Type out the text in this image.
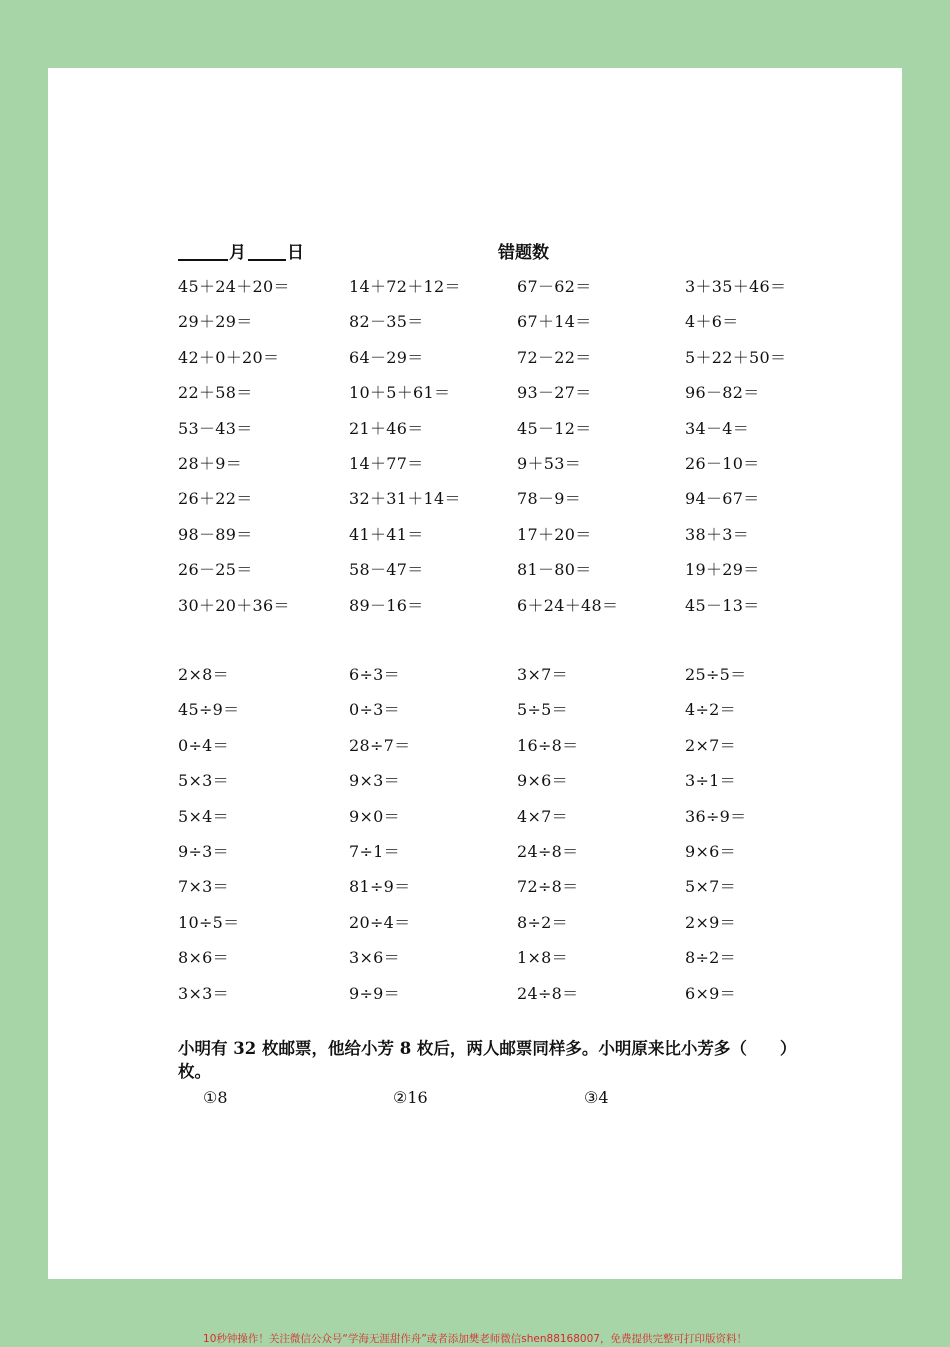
月 日	错题数
45＋24＋20＝	14＋72＋12＝	67－62＝	3＋35＋46＝
29＋29＝	82－35＝	67＋14＝	4＋6＝
42＋0＋20＝	64－29＝	72－22＝	5＋22＋50＝
22＋58＝	10＋5＋61＝	93－27＝	96－82＝
53－43＝	21＋46＝	45－12＝	34－4＝
28＋9＝	14＋77＝	9＋53＝	26－10＝
26＋22＝	32＋31＋14＝	78－9＝	94－67＝
98－89＝	41＋41＝	17＋20＝	38＋3＝
26－25＝	58－47＝	81－80＝	19＋29＝
30＋20＋36＝	89－16＝	6＋24＋48＝	45－13＝
2×8＝	6÷3＝	3×7＝	25÷5＝
45÷9＝	0÷3＝	5÷5＝	4÷2＝
0÷4＝	28÷7＝	16÷8＝	2×7＝
5×3＝	9×3＝	9×6＝	3÷1＝
5×4＝	9×0＝	4×7＝	36÷9＝
9÷3＝	7÷1＝	24÷8＝	9×6＝
7×3＝	81÷9＝	72÷8＝	5×7＝
10÷5＝	20÷4＝	8÷2＝	2×9＝
8×6＝	3×6＝	1×8＝	8÷2＝
3×3＝	9÷9＝	24÷8＝	6×9＝
小明有 32 枚邮票，他给小芳 8 枚后，两人邮票同样多。小明原来比小芳多（　　）
枚。
①8	②16	③4
10秒钟操作！关注微信公众号“学海无涯甜作舟”或者添加樊老师微信shen88168007，免费提供完整可打印版资料！
